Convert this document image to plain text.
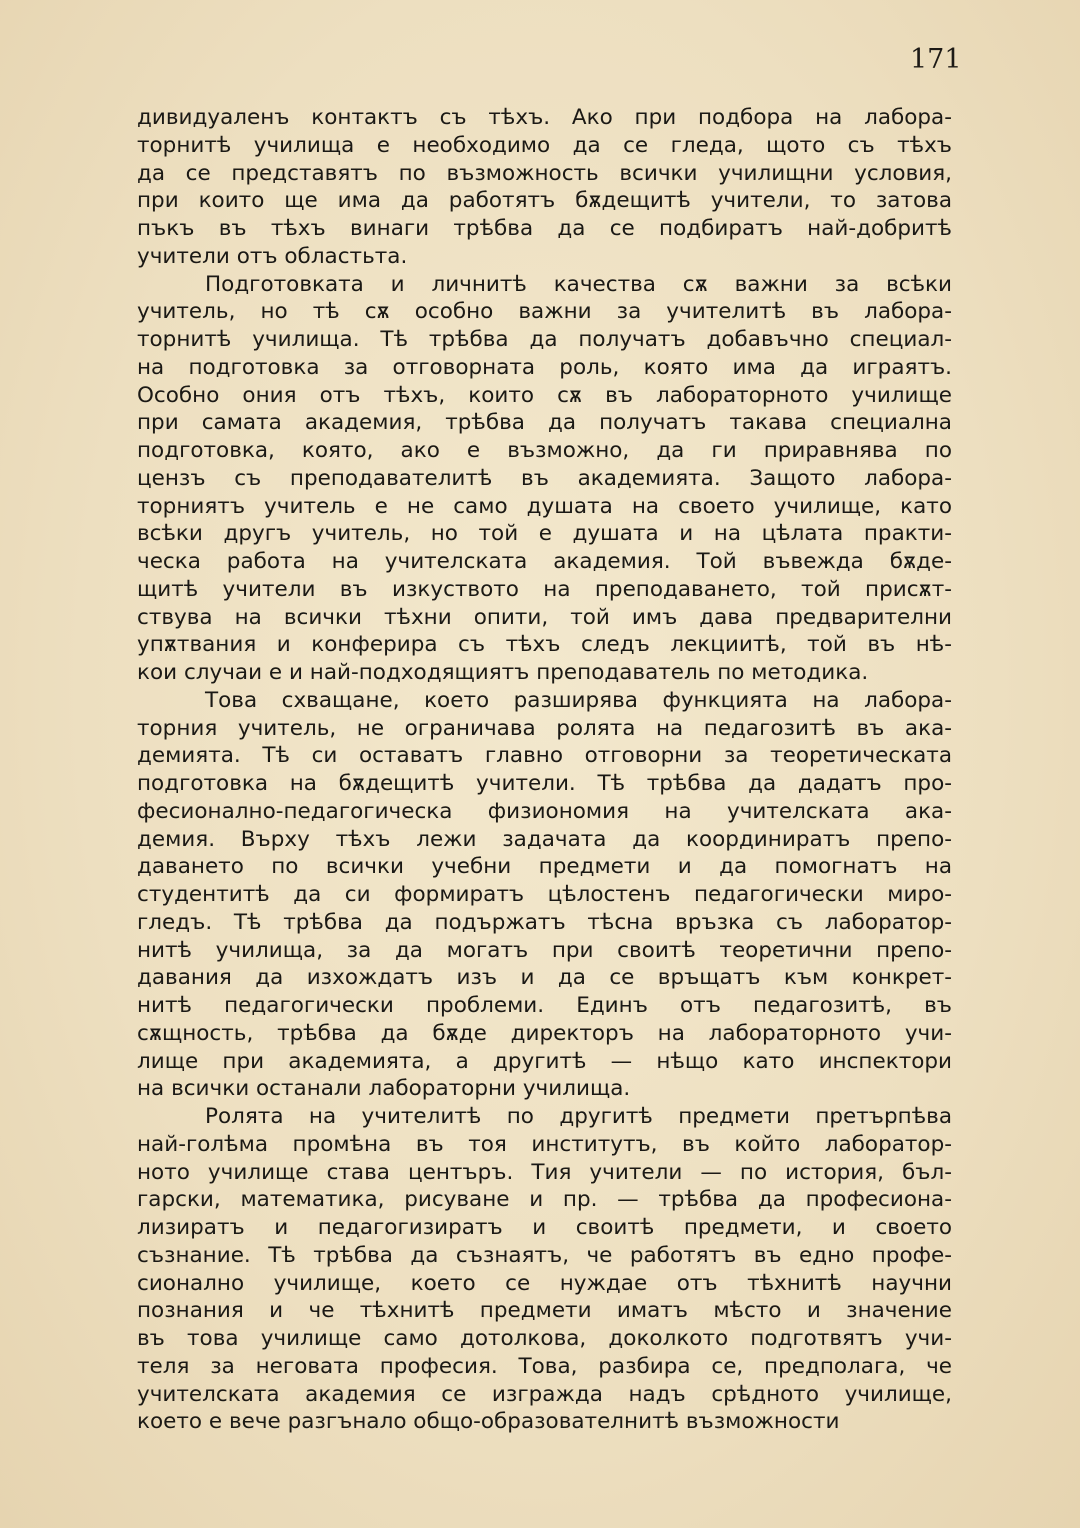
171
дивидуаленъ контактъ съ тѣхъ. Ако при подбора на лабора-
торнитѣ училища е необходимо да се гледа, щото съ тѣхъ
да се представятъ по възможность всички училищни условия,
при които ще има да работятъ бѫдещитѣ учители, то затова
пъкъ въ тѣхъ винаги трѣбва да се подбиратъ най-добритѣ
учители отъ областьта.
Подготовката и личнитѣ качества сѫ важни за всѣки
учитель, но тѣ сѫ особно важни за учителитѣ въ лабора-
торнитѣ училища. Тѣ трѣбва да получатъ добавъчно специал-
на подготовка за отговорната роль, която има да играятъ.
Особно ония отъ тѣхъ, които сѫ въ лабораторното училище
при самата академия, трѣбва да получатъ такава специална
подготовка, която, ако е възможно, да ги приравнява по
цензъ съ преподавателитѣ въ академията. Защото лабора-
торниятъ учитель е не само душата на своето училище, като
всѣки другъ учитель, но той е душата и на цѣлата практи-
ческа работа на учителската академия. Той въвежда бѫде-
щитѣ учители въ изкуството на преподаването, той присѫт-
ствува на всички тѣхни опити, той имъ дава предварителни
упѫтвания и конферира съ тѣхъ следъ лекциитѣ, той въ нѣ-
кои случаи е и най-подходящиятъ преподаватель по методика.
Това схващане, което разширява функцията на лабора-
торния учитель, не ограничава ролята на педагозитѣ въ ака-
демията. Тѣ си оставатъ главно отговорни за теоретическата
подготовка на бѫдещитѣ учители. Тѣ трѣбва да дадатъ про-
фесионално-педагогическа физиономия на учителската ака-
демия. Върху тѣхъ лежи задачата да координиратъ препо-
даването по всички учебни предмети и да помогнатъ на
студентитѣ да си формиратъ цѣлостенъ педагогически миро-
гледъ. Тѣ трѣбва да подържатъ тѣсна връзка съ лаборатор-
нитѣ училища, за да могатъ при своитѣ теоретични препо-
давания да изхождатъ изъ и да се връщатъ към конкрет-
нитѣ педагогически проблеми. Единъ отъ педагозитѣ, въ
сѫщность, трѣбва да бѫде директоръ на лабораторното учи-
лище при академията, а другитѣ — нѣщо като инспектори
на всички останали лабораторни училища.
Ролята на учителитѣ по другитѣ предмети претърпѣва
най-голѣма промѣна въ тоя институтъ, въ който лаборатор-
ното училище става центъръ. Тия учители — по история, бъл-
гарски, математика, рисуване и пр. — трѣбва да професиона-
лизиратъ и педагогизиратъ и своитѣ предмети, и своето
съзнание. Тѣ трѣбва да съзнаятъ, че работятъ въ едно профе-
сионално училище, което се нуждае отъ тѣхнитѣ научни
познания и че тѣхнитѣ предмети иматъ мѣсто и значение
въ това училище само дотолкова, доколкото подготвятъ учи-
теля за неговата професия. Това, разбира се, предполага, че
учителската академия се изгражда надъ срѣдното училище,
което е вече разгънало общо-образователнитѣ възможности
